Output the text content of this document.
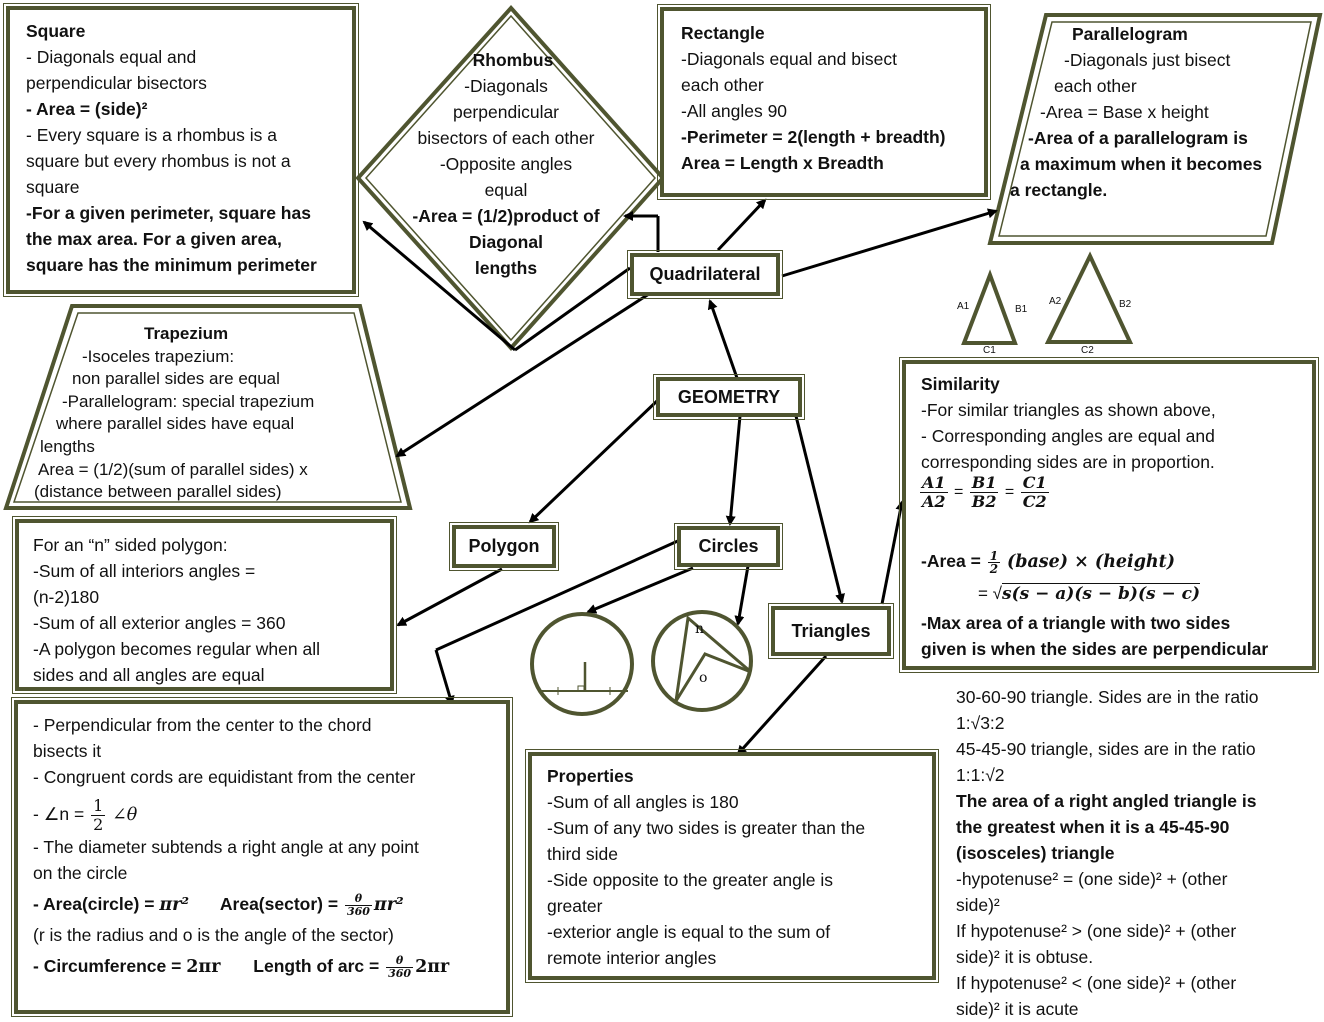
Square
- Diagonals equal and
perpendicular bisectors
- Area = (side)²
- Every square is a rhombus is a
square but every rhombus is not a
square
-For a given perimeter, square has
the max area. For a given area,
square has the minimum perimeter
Rhombus
-Diagonals
perpendicular
bisectors of each other
-Opposite angles
equal
-Area = (1/2)product of
Diagonal
lengths
Rectangle
-Diagonals equal and bisect
each other
-All angles 90
-Perimeter = 2(length + breadth)
Area = Length x Breadth
Parallelogram
-Diagonals just bisect
each other
-Area = Base x height
-Area of a parallelogram is
a maximum when it becomes
a rectangle.
Quadrilateral
Trapezium
-Isoceles trapezium:
non parallel sides are equal
-Parallelogram: special trapezium
where parallel sides have equal
lengths
Area = (1/2)(sum of parallel sides) x
(distance between parallel sides)
GEOMETRY
A1	B1
C1
A2	B2
C2
Similarity
-For similar triangles as shown above,
- Corresponding angles are equal and
corresponding sides are in proportion.
$\frac{A1}{A2} = \frac{B1}{B2} = \frac{C1}{C2}$
-Area = $\frac{1}{2}$ (base) × (height)
= √s(s − a)(s − b)(s − c)
-Max area of a triangle with two sides
given is when the sides are perpendicular
Polygon	Circles
Triangles
n
o
For an “n” sided polygon:
-Sum of all interiors angles =
(n-2)180
-Sum of all exterior angles = 360
-A polygon becomes regular when all
sides and all angles are equal
- Perpendicular from the center to the chord
bisects it
- Congruent cords are equidistant from the center
- ∠n = $\frac{1}{2}$ ∠θ
- The diameter subtends a right angle at any point
on the circle
- Area(circle) = πr² Area(sector) = $\frac{\theta}{360} \pi r^2$
(r is the radius and o is the angle of the sector)
- Circumference = 2πr Length of arc = $\frac{\theta}{360} 2\pi r$
Properties
-Sum of all angles is 180
-Sum of any two sides is greater than the
third side
-Side opposite to the greater angle is
greater
-exterior angle is equal to the sum of
remote interior angles
30-60-90 triangle. Sides are in the ratio
1:√3:2
45-45-90 triangle, sides are in the ratio
1:1:√2
The area of a right angled triangle is
the greatest when it is a 45-45-90
(isosceles) triangle
-hypotenuse² = (one side)² + (other
side)²
If hypotenuse² > (one side)² + (other
side)² it is obtuse.
If hypotenuse² < (one side)² + (other
side)² it is acute
